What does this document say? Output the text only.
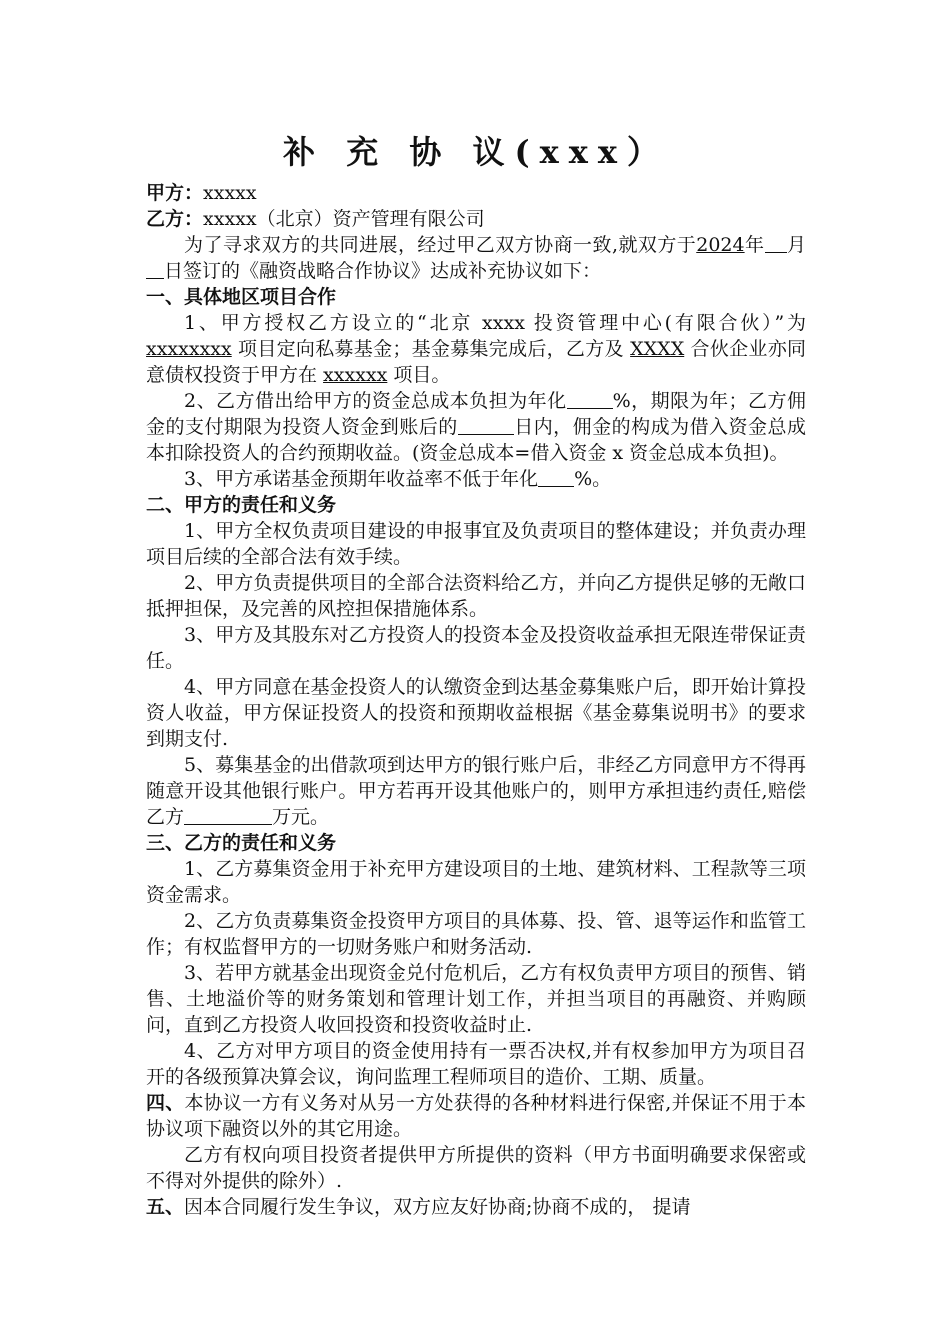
补 充 协 议(xxx）

甲方：xxxxx

乙方：xxxxx（北京）资产管理有限公司

为了寻求双方的共同进展，经过甲乙双方协商一致,就双方于2024年 月日签订的《融资战略合作协议》达成补充协议如下：

一、具体地区项目合作

1、甲方授权乙方设立的“北京 xxxx 投资管理中心(有限合伙）”为 xxxxxxxx 项目定向私募基金；基金募集完成后，乙方及 XXXX 合伙企业亦同意债权投资于甲方在 xxxxxx 项目。

2、乙方借出给甲方的资金总成本负担为年化 %，期限为年；乙方佣金的支付期限为投资人资金到账后的	日内，佣金的构成为借入资金总成本扣除投资人的合约预期收益。(资金总成本=借入资金 x 资金总成本负担)。

3、甲方承诺基金预期年收益率不低于年化 %。

二、甲方的责任和义务

1、甲方全权负责项目建设的申报事宜及负责项目的整体建设；并负责办理项目后续的全部合法有效手续。

2、甲方负责提供项目的全部合法资料给乙方，并向乙方提供足够的无敞口抵押担保，及完善的风控担保措施体系。

3、甲方及其股东对乙方投资人的投资本金及投资收益承担无限连带保证责任。

4、甲方同意在基金投资人的认缴资金到达基金募集账户后，即开始计算投资人收益，甲方保证投资人的投资和预期收益根据《基金募集说明书》的要求到期支付.

5、募集基金的出借款项到达甲方的银行账户后，非经乙方同意甲方不得再随意开设其他银行账户。甲方若再开设其他账户的，则甲方承担违约责任,赔偿乙方	万元。

三、乙方的责任和义务

1、乙方募集资金用于补充甲方建设项目的土地、建筑材料、工程款等三项资金需求。

2、乙方负责募集资金投资甲方项目的具体募、投、管、退等运作和监管工作；有权监督甲方的一切财务账户和财务活动.

3、若甲方就基金出现资金兑付危机后，乙方有权负责甲方项目的预售、销售、土地溢价等的财务策划和管理计划工作，并担当项目的再融资、并购顾问，直到乙方投资人收回投资和投资收益时止.

4、乙方对甲方项目的资金使用持有一票否决权,并有权参加甲方为项目召开的各级预算决算会议，询问监理工程师项目的造价、工期、质量。

四、本协议一方有义务对从另一方处获得的各种材料进行保密,并保证不用于本协议项下融资以外的其它用途。

乙方有权向项目投资者提供甲方所提供的资料（甲方书面明确要求保密或不得对外提供的除外）.

五、因本合同履行发生争议，双方应友好协商;协商不成的， 提请
